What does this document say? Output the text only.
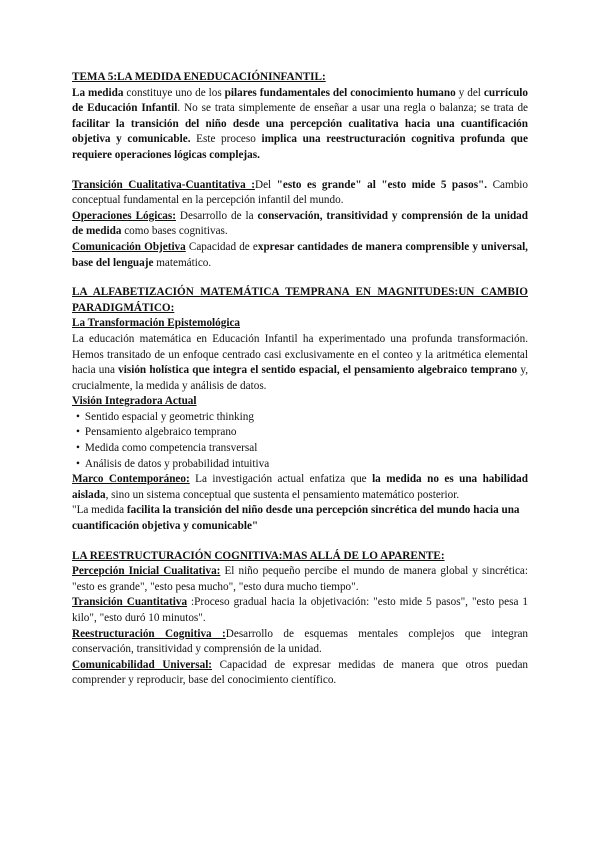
TEMA 5:LA MEDIDA ENEDUCACIÓNINFANTIL:

La medida constituye uno de los pilares fundamentales del conocimiento humano y del currículo de Educación Infantil. No se trata simplemente de enseñar a usar una regla o balanza; se trata de facilitar la transición del niño desde una percepción cualitativa hacia una cuantificación objetiva y comunicable. Este proceso implica una reestructuración cognitiva profunda que requiere operaciones lógicas complejas.

Transición Cualitativa-Cuantitativa :Del "esto es grande" al "esto mide 5 pasos". Cambio conceptual fundamental en la percepción infantil del mundo.

Operaciones Lógicas: Desarrollo de la conservación, transitividad y comprensión de la unidad de medida como bases cognitivas.

Comunicación Objetiva Capacidad de expresar cantidades de manera comprensible y universal, base del lenguaje matemático.

LA ALFABETIZACIÓN MATEMÁTICA TEMPRANA EN MAGNITUDES:UN CAMBIO PARADIGMÁTICO:

La Transformación Epistemológica

La educación matemática en Educación Infantil ha experimentado una profunda transformación. Hemos transitado de un enfoque centrado casi exclusivamente en el conteo y la aritmética elemental hacia una visión holística que integra el sentido espacial, el pensamiento algebraico temprano y, crucialmente, la medida y análisis de datos.

Visión Integradora Actual

• Sentido espacial y geometric thinking
• Pensamiento algebraico temprano
• Medida como competencia transversal
• Análisis de datos y probabilidad intuitiva

Marco Contemporáneo: La investigación actual enfatiza que la medida no es una habilidad aislada, sino un sistema conceptual que sustenta el pensamiento matemático posterior.

"La medida facilita la transición del niño desde una percepción sincrética del mundo hacia una cuantificación objetiva y comunicable"

LA REESTRUCTURACIÓN COGNITIVA:MAS ALLÁ DE LO APARENTE:

Percepción Inicial Cualitativa: El niño pequeño percibe el mundo de manera global y sincrética: "esto es grande", "esto pesa mucho", "esto dura mucho tiempo".

Transición Cuantitativa :Proceso gradual hacia la objetivación: "esto mide 5 pasos", "esto pesa 1 kilo", "esto duró 10 minutos".

Reestructuración Cognitiva :Desarrollo de esquemas mentales complejos que integran conservación, transitividad y comprensión de la unidad.

Comunicabilidad Universal: Capacidad de expresar medidas de manera que otros puedan comprender y reproducir, base del conocimiento científico.
